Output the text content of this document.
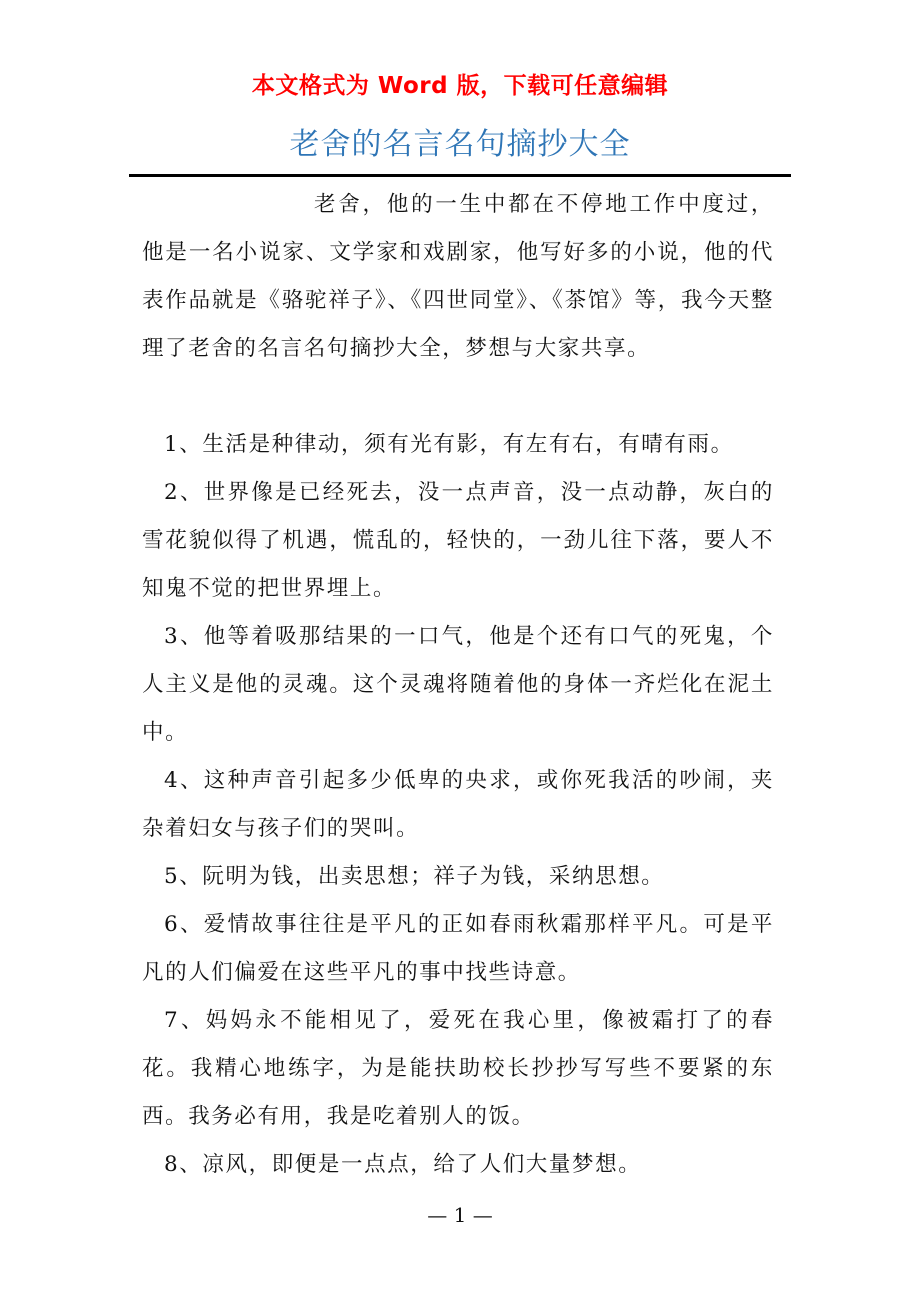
本文格式为 Word 版，下载可任意编辑
老舍的名言名句摘抄大全

老舍，他的一生中都在不停地工作中度过，他是一名小说家、文学家和戏剧家，他写好多的小说，他的代表作品就是《骆驼祥子》、《四世同堂》、《茶馆》等，我今天整理了老舍的名言名句摘抄大全，梦想与大家共享。

1、生活是种律动，须有光有影，有左有右，有晴有雨。

2、世界像是已经死去，没一点声音，没一点动静，灰白的雪花貌似得了机遇，慌乱的，轻快的，一劲儿往下落，要人不知鬼不觉的把世界埋上。

3、他等着吸那结果的一口气，他是个还有口气的死鬼，个人主义是他的灵魂。这个灵魂将随着他的身体一齐烂化在泥土中。

4、这种声音引起多少低卑的央求，或你死我活的吵闹，夹杂着妇女与孩子们的哭叫。

5、阮明为钱，出卖思想；祥子为钱，采纳思想。

6、爱情故事往往是平凡的正如春雨秋霜那样平凡。可是平凡的人们偏爱在这些平凡的事中找些诗意。

7、妈妈永不能相见了，爱死在我心里，像被霜打了的春花。我精心地练字，为是能扶助校长抄抄写写些不要紧的东西。我务必有用，我是吃着别人的饭。

8、凉风，即便是一点点，给了人们大量梦想。

— 1 —
